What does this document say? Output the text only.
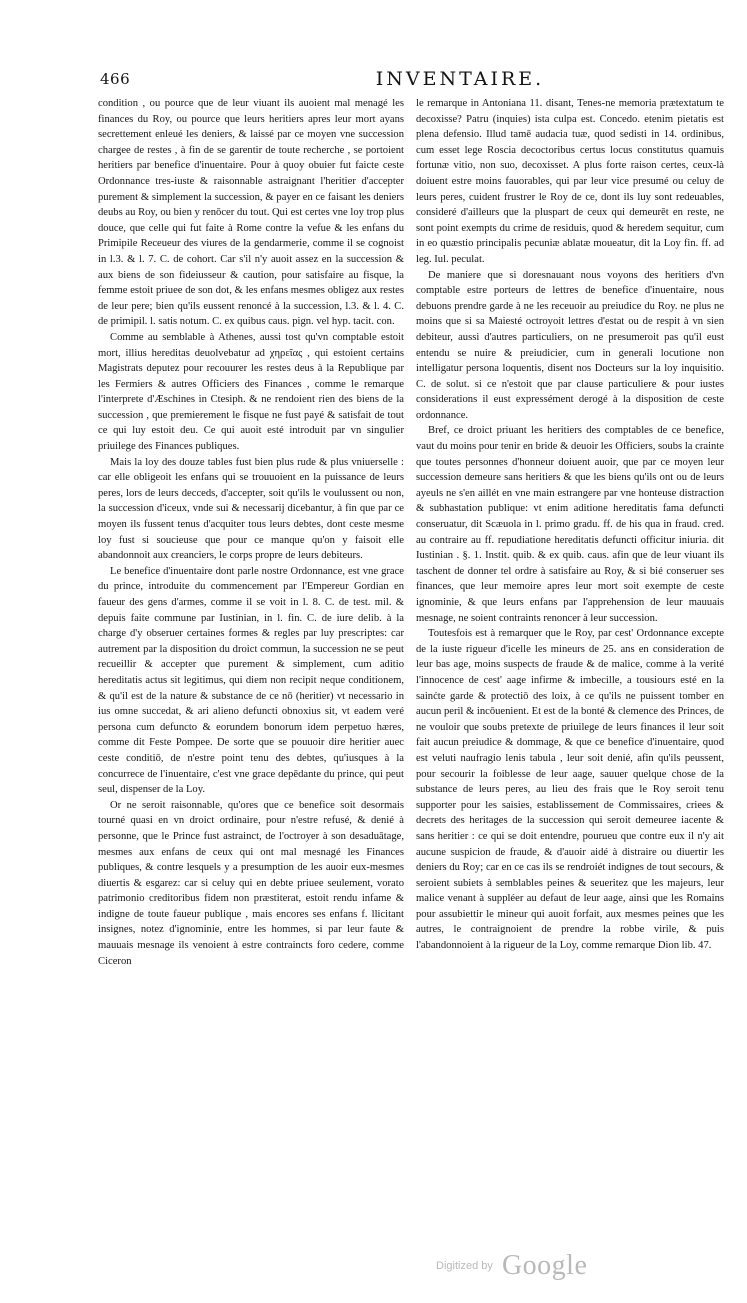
466	INVENTAIRE.

condition , ou pource que de leur viuant ils auoient mal menagé les finances du Roy, ou pource que leurs heritiers apres leur mort ayans secrettement enleué les deniers, & laissé par ce moyen vne succession chargee de restes , à fin de se garentir de toute recherche , se portoient heritiers par benefice d'inuentaire. Pour à quoy obuier fut faicte ceste Ordonnance tres-iuste & raisonnable astraignant l'heritier d'accepter purement & simplement la succession, & payer en ce faisant les deniers deubs au Roy, ou bien y renōcer du tout. Qui est certes vne loy trop plus douce, que celle qui fut faite à Rome contre la vefue & les enfans du Primipile Receueur des viures de la gendarmerie, comme il se cognoist in l.3. & l. 7. C. de cohort. Car s'il n'y auoit assez en la succession & aux biens de son fideiusseur & caution, pour satisfaire au fisque, la femme estoit priuee de son dot, & les enfans mesmes obligez aux restes de leur pere; bien qu'ils eussent renoncé à la succession, l.3. & l. 4. C. de primipil. l. satis notum. C. ex quibus caus. pign. vel hyp. tacit. con.

Comme au semblable à Athenes, aussi tost qu'vn comptable estoit mort, illius hereditas deuolvebatur ad χηρεῖας , qui estoient certains Magistrats deputez pour recouurer les restes deus à la Republique par les Fermiers & autres Officiers des Finances , comme le remarque l'interprete d'Æschines in Ctesiph. & ne rendoient rien des biens de la succession , que premierement le fisque ne fust payé & satisfait de tout ce qui luy estoit deu. Ce qui auoit esté introduit par vn singulier priuilege des Finances publiques.

Mais la loy des douze tables fust bien plus rude & plus vniuerselle : car elle obligeoit les enfans qui se trouuoient en la puissance de leurs peres, lors de leurs decceds, d'accepter, soit qu'ils le voulussent ou non, la succession d'iceux, vnde sui & necessarij dicebantur, à fin que par ce moyen ils fussent tenus d'acquiter tous leurs debtes, dont ceste mesme loy fust si soucieuse que pour ce manque qu'on y faisoit elle abandonnoit aux creanciers, le corps propre de leurs debiteurs.

Le benefice d'inuentaire dont parle nostre Ordonnance, est vne grace du prince, introduite du commencement par l'Empereur Gordian en faueur des gens d'armes, comme il se voit in l. 8. C. de test. mil. & depuis faite commune par Iustinian, in l. fin. C. de iure delib. à la charge d'y obseruer certaines formes & regles par luy prescriptes: car autrement par la disposition du droict commun, la succession ne se peut recueillir & accepter que purement & simplement, cum aditio hereditatis actus sit legitimus, qui diem non recipit neque conditionem, & qu'il est de la nature & substance de ce nō (heritier) vt necessario in ius omne succedat, & ari alieno defuncti obnoxius sit, vt eadem veré persona cum defuncto & eorundem bonorum idem perpetuo hæres, comme dit Feste Pompee. De sorte que se pouuoir dire heritier auec ceste conditiō, de n'estre point tenu des debtes, qu'iusques à la concurrece de l'inuentaire, c'est vne grace depēdante du prince, qui peut seul, dispenser de la Loy.

Or ne seroit raisonnable, qu'ores que ce benefice soit desormais tourné quasi en vn droict ordinaire, pour n'estre refusé, & denié à personne, que le Prince fust astrainct, de l'octroyer à son desaduātage, mesmes aux enfans de ceux qui ont mal mesnagé les Finances publiques, & contre lesquels y a presumption de les auoir eux-mesmes diuertis & esgarez: car si celuy qui en debte priuee seulement, vorato patrimonio creditoribus fidem non præstiterat, estoit rendu infame & indigne de toute faueur publique , mais encores ses enfans f. llicitant insignes, notez d'ignominie, entre les hommes, si par leur faute & mauuais mesnage ils venoient à estre contraincts foro cedere, comme Ciceron

le remarque in Antoniana 11. disant, Tenes-ne memoria prætextatum te decoxisse? Patru (inquies) ista culpa est. Concedo. etenim pietatis est plena defensio. Illud tamē audacia tuæ, quod sedisti in 14. ordinibus, cum esset lege Roscia decoctoribus certus locus constitutus quamuis fortunæ vitio, non suo, decoxisset. A plus forte raison certes, ceux-là doiuent estre moins fauorables, qui par leur vice presumé ou celuy de leurs peres, cuident frustrer le Roy de ce, dont ils luy sont redeuables, consideré d'ailleurs que la pluspart de ceux qui demeurēt en reste, ne sont point exempts du crime de residuis, quod & heredem sequitur, cum in eo quæstio principalis pecuniæ ablatæ moueatur, dit la Loy fin. ff. ad leg. Iul. peculat.

De maniere que si doresnauant nous voyons des heritiers d'vn comptable estre porteurs de lettres de benefice d'inuentaire, nous debuons prendre garde à ne les receuoir au preiudice du Roy. ne plus ne moins que si sa Maiesté octroyoit lettres d'estat ou de respit à vn sien debiteur, aussi d'autres particuliers, on ne presumeroit pas qu'il eust entendu se nuire & preiudicier, cum in generali locutione non intelligatur persona loquentis, disent nos Docteurs sur la loy inquisitio. C. de solut. si ce n'estoit que par clause particuliere & pour iustes considerations il eust expressément derogé à la disposition de ceste ordonnance.

Bref, ce droict priuant les heritiers des comptables de ce benefice, vaut du moins pour tenir en bride & deuoir les Officiers, soubs la crainte que toutes personnes d'honneur doiuent auoir, que par ce moyen leur succession demeure sans heritiers & que les biens qu'ils ont ou de leurs ayeuls ne s'en aillét en vne main estrangere par vne honteuse distraction & subhastation publique: vt enim aditione hereditatis fama defuncti conseruatur, dit Scæuola in l. primo gradu. ff. de his qua in fraud. cred. au contraire au ff. repudiatione hereditatis defuncti officitur iniuria. dit Iustinian . §. 1. Instit. quib. & ex quib. caus. afin que de leur viuant ils taschent de donner tel ordre à satisfaire au Roy, & si bié conseruer ses finances, que leur memoire apres leur mort soit exempte de ceste ignominie, & que leurs enfans par l'apprehension de leur mauuais mesnage, ne soient contraints renoncer à leur succession.

Toutesfois est à remarquer que le Roy, par cest' Ordonnance excepte de la iuste rigueur d'icelle les mineurs de 25. ans en consideration de leur bas age, moins suspects de fraude & de malice, comme à la verité l'innocence de cest' aage infirme & imbecille, a tousiours esté en la sainćte garde & protectiō des loix, à ce qu'ils ne puissent tomber en aucun peril & incōuenient. Et est de la bonté & clemence des Princes, de ne vouloir que soubs pretexte de priuilege de leurs finances il leur soit fait aucun preiudice & dommage, & que ce benefice d'inuentaire, quod est veluti naufragio lenis tabula , leur soit denié, afin qu'ils peussent, pour secourir la foiblesse de leur aage, sauuer quelque chose de la substance de leurs peres, au lieu des frais que le Roy seroit tenu supporter pour les saisies, establissement de Commissaires, criees & decrets des heritages de la succession qui seroit demeuree iacente & sans heritier : ce qui se doit entendre, pourueu que contre eux il n'y ait aucune suspicion de fraude, & d'auoir aidé à distraire ou diuertir les deniers du Roy; car en ce cas ils se rendroiét indignes de tout secours, & seroient subiets à semblables peines & seueritez que les majeurs, leur malice venant à suppléer au defaut de leur aage, ainsi que les Romains pour assubiettir le mineur qui auoit forfait, aux mesmes peines que les autres, le contraignoient de prendre la robbe virile, & puis l'abandonnoient à la rigueur de la Loy, comme remarque Dion lib. 47.

Digitized by Google
